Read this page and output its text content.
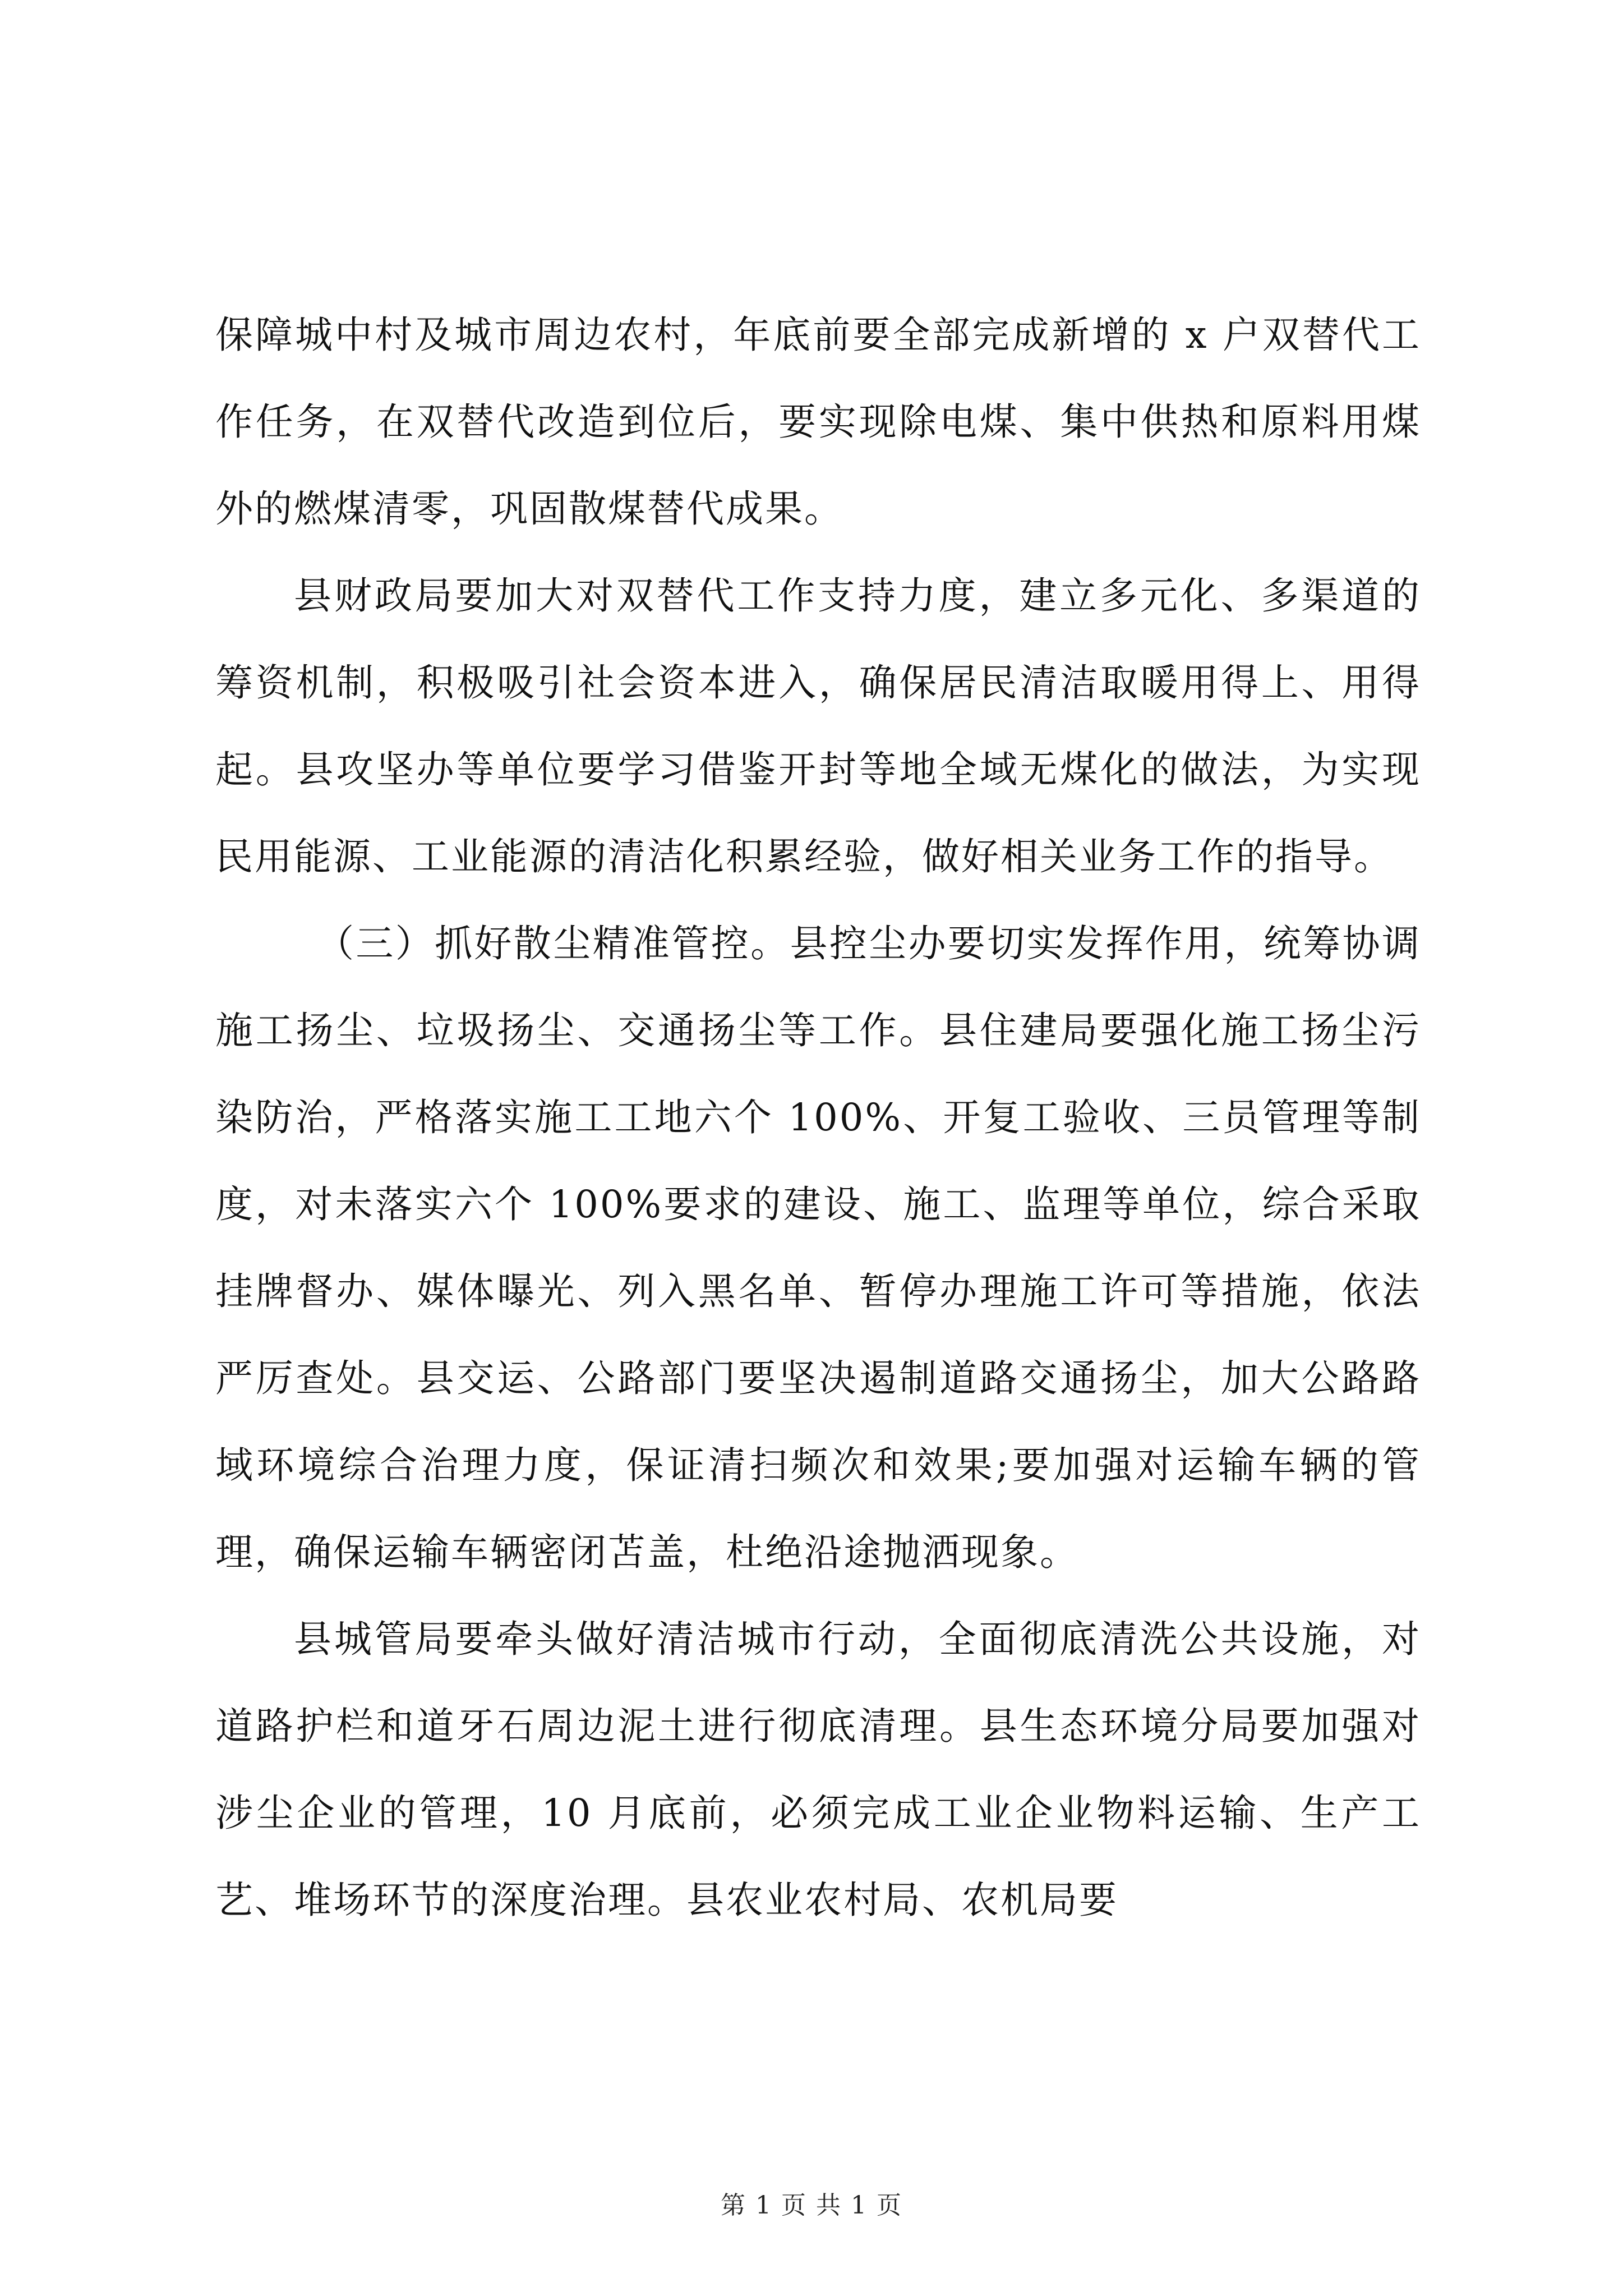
保障城中村及城市周边农村，年底前要全部完成新增的 x 户双替代工作任务，在双替代改造到位后，要实现除电煤、集中供热和原料用煤外的燃煤清零，巩固散煤替代成果。

县财政局要加大对双替代工作支持力度，建立多元化、多渠道的筹资机制，积极吸引社会资本进入，确保居民清洁取暖用得上、用得起。县攻坚办等单位要学习借鉴开封等地全域无煤化的做法，为实现民用能源、工业能源的清洁化积累经验，做好相关业务工作的指导。

（三）抓好散尘精准管控。县控尘办要切实发挥作用，统筹协调施工扬尘、垃圾扬尘、交通扬尘等工作。县住建局要强化施工扬尘污染防治，严格落实施工工地六个 100%、开复工验收、三员管理等制度，对未落实六个 100%要求的建设、施工、监理等单位，综合采取挂牌督办、媒体曝光、列入黑名单、暂停办理施工许可等措施，依法严厉查处。县交运、公路部门要坚决遏制道路交通扬尘，加大公路路域环境综合治理力度，保证清扫频次和效果;要加强对运输车辆的管理，确保运输车辆密闭苫盖，杜绝沿途抛洒现象。

县城管局要牵头做好清洁城市行动，全面彻底清洗公共设施，对道路护栏和道牙石周边泥土进行彻底清理。县生态环境分局要加强对涉尘企业的管理，10 月底前，必须完成工业企业物料运输、生产工艺、堆场环节的深度治理。县农业农村局、农机局要

第 1 页 共 1 页
